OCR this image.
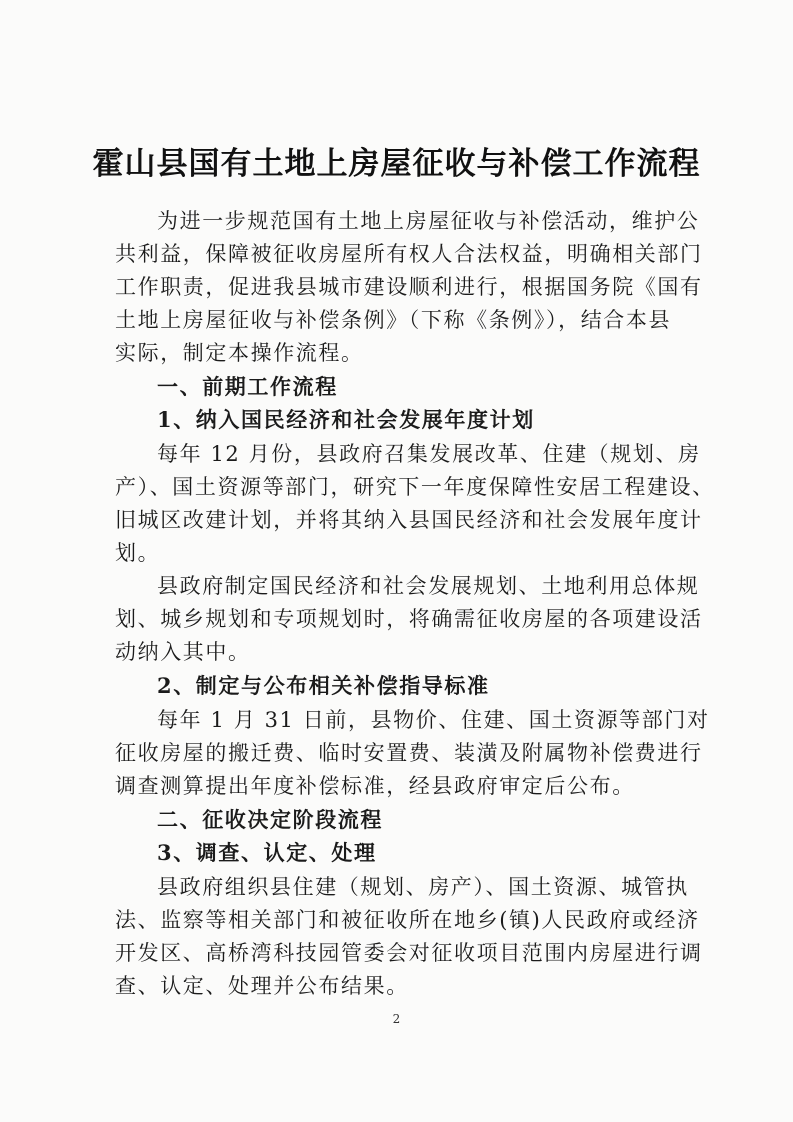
霍山县国有土地上房屋征收与补偿工作流程
为进一步规范国有土地上房屋征收与补偿活动，维护公
共利益，保障被征收房屋所有权人合法权益，明确相关部门
工作职责，促进我县城市建设顺利进行，根据国务院《国有
土地上房屋征收与补偿条例》（下称《条例》），结合本县
实际，制定本操作流程。
一、前期工作流程
1、纳入国民经济和社会发展年度计划
每年 12 月份，县政府召集发展改革、住建（规划、房
产）、国土资源等部门，研究下一年度保障性安居工程建设、
旧城区改建计划，并将其纳入县国民经济和社会发展年度计
划。
县政府制定国民经济和社会发展规划、土地利用总体规
划、城乡规划和专项规划时，将确需征收房屋的各项建设活
动纳入其中。
2、制定与公布相关补偿指导标准
每年 1 月 31 日前，县物价、住建、国土资源等部门对
征收房屋的搬迁费、临时安置费、装潢及附属物补偿费进行
调查测算提出年度补偿标准，经县政府审定后公布。
二、征收决定阶段流程
3、调查、认定、处理
县政府组织县住建（规划、房产）、国土资源、城管执
法、监察等相关部门和被征收所在地乡(镇)人民政府或经济
开发区、高桥湾科技园管委会对征收项目范围内房屋进行调
查、认定、处理并公布结果。
2
